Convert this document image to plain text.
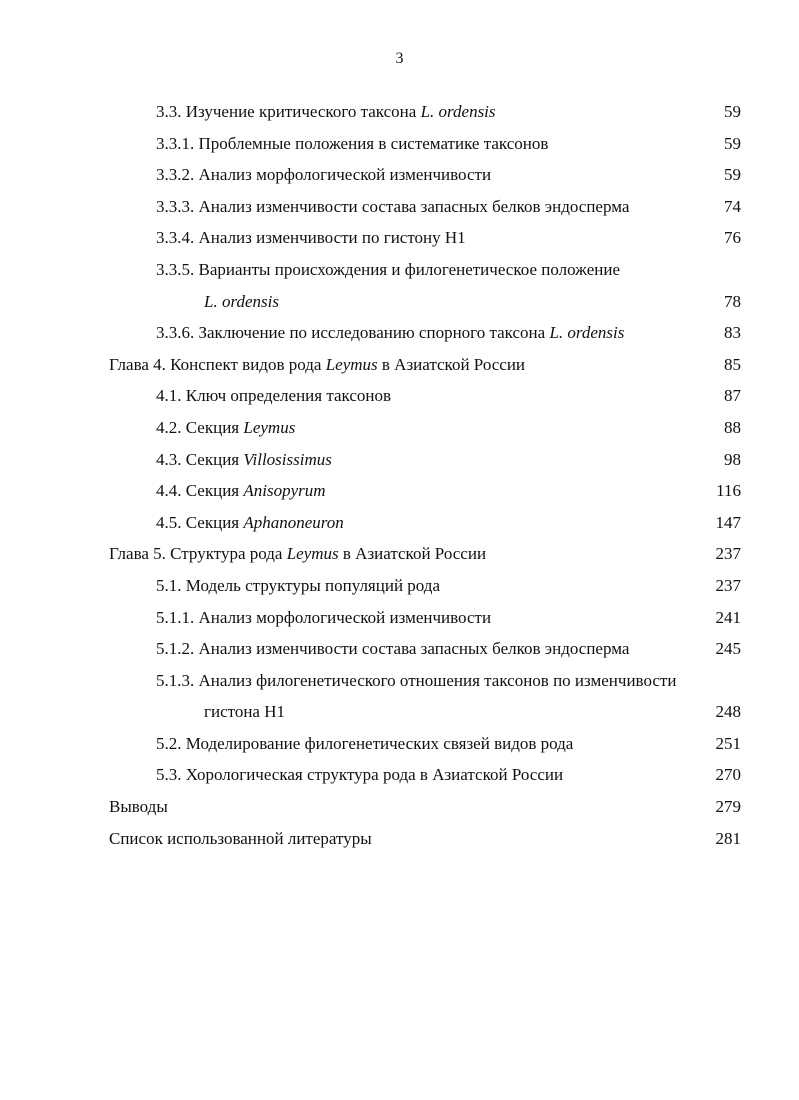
3
3.3. Изучение критического таксона L. ordensis	59
3.3.1. Проблемные положения в систематике таксонов	59
3.3.2. Анализ морфологической изменчивости	59
3.3.3. Анализ изменчивости состава запасных белков эндосперма	74
3.3.4. Анализ изменчивости по гистону H1	76
3.3.5. Варианты происхождения и филогенетическое положение
L. ordensis	78
3.3.6. Заключение по исследованию спорного таксона L. ordensis	83
Глава 4. Конспект видов рода Leymus в Азиатской России	85
4.1. Ключ определения таксонов	87
4.2. Секция Leymus	88
4.3. Секция Villosissimus	98
4.4. Секция Anisopyrum	116
4.5. Секция Aphanoneuron	147
Глава 5. Структура рода Leymus в Азиатской России	237
5.1. Модель структуры популяций рода	237
5.1.1. Анализ морфологической изменчивости	241
5.1.2. Анализ изменчивости состава запасных белков эндосперма	245
5.1.3. Анализ филогенетического отношения таксонов по изменчивости
гистона H1	248
5.2. Моделирование филогенетических связей видов рода	251
5.3. Хорологическая структура рода в Азиатской России	270
Выводы	279
Список использованной литературы	281
